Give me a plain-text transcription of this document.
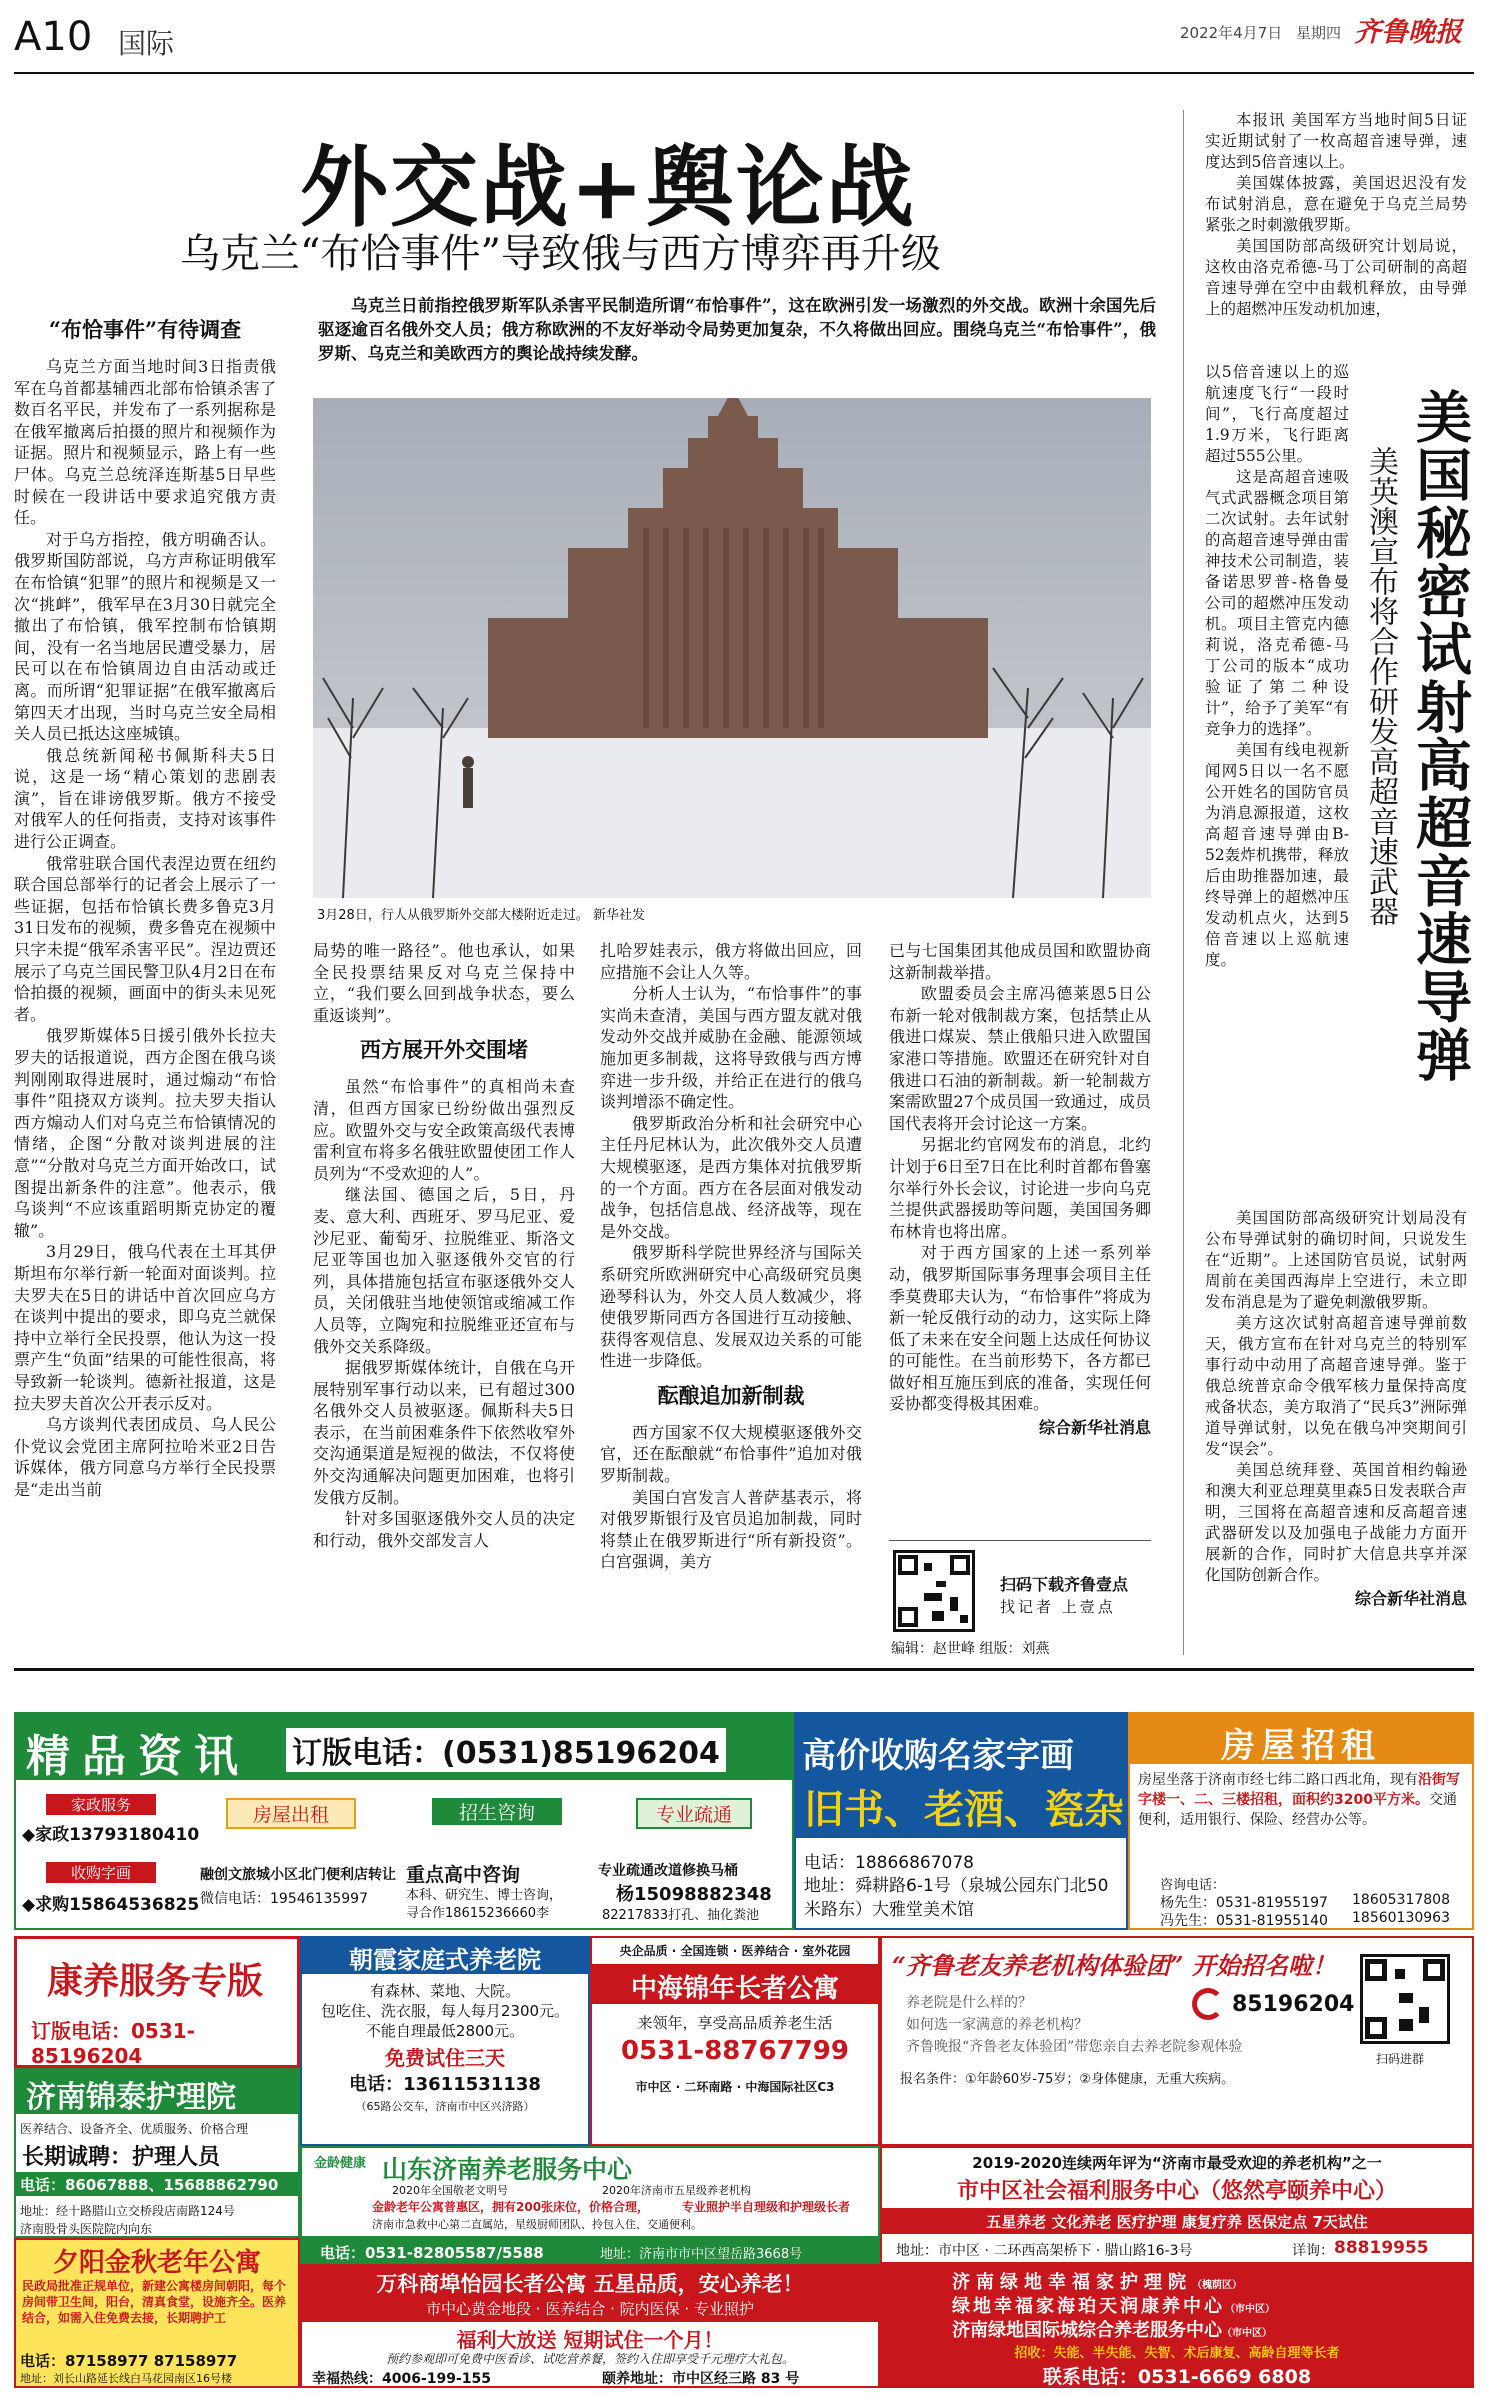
A10 国际	2022年4月7日 星期四 齐鲁晚报
外交战+舆论战
乌克兰“布恰事件”导致俄与西方博弈再升级
乌克兰日前指控俄罗斯军队杀害平民制造所谓“布恰事件”，这在欧洲引发一场激烈的外交战。欧洲十余国先后驱逐逾百名俄外交人员；俄方称欧洲的不友好举动令局势更加复杂，不久将做出回应。围绕乌克兰“布恰事件”，俄罗斯、乌克兰和美欧西方的舆论战持续发酵。
3月28日，行人从俄罗斯外交部大楼附近走过。 新华社发
“布恰事件”有待调查

乌克兰方面当地时间3日指责俄军在乌首都基辅西北部布恰镇杀害了数百名平民，并发布了一系列据称是在俄军撤离后拍摄的照片和视频作为证据。照片和视频显示，路上有一些尸体。乌克兰总统泽连斯基5日早些时候在一段讲话中要求追究俄方责任。

对于乌方指控，俄方明确否认。俄罗斯国防部说，乌方声称证明俄军在布恰镇“犯罪”的照片和视频是又一次“挑衅”，俄军早在3月30日就完全撤出了布恰镇，俄军控制布恰镇期间，没有一名当地居民遭受暴力，居民可以在布恰镇周边自由活动或迁离。而所谓“犯罪证据”在俄军撤离后第四天才出现，当时乌克兰安全局相关人员已抵达这座城镇。

俄总统新闻秘书佩斯科夫5日说，这是一场“精心策划的悲剧表演”，旨在诽谤俄罗斯。俄方不接受对俄军人的任何指责，支持对该事件进行公正调查。

俄常驻联合国代表涅边贾在纽约联合国总部举行的记者会上展示了一些证据，包括布恰镇长费多鲁克3月31日发布的视频，费多鲁克在视频中只字未提“俄军杀害平民”。涅边贾还展示了乌克兰国民警卫队4月2日在布恰拍摄的视频，画面中的街头未见死者。

俄罗斯媒体5日援引俄外长拉夫罗夫的话报道说，西方企图在俄乌谈判刚刚取得进展时，通过煽动“布恰事件”阻挠双方谈判。拉夫罗夫指认西方煽动人们对乌克兰布恰镇情况的情绪，企图“分散对谈判进展的注意”“分散对乌克兰方面开始改口，试图提出新条件的注意”。他表示，俄乌谈判“不应该重蹈明斯克协定的覆辙”。

3月29日，俄乌代表在土耳其伊斯坦布尔举行新一轮面对面谈判。拉夫罗夫在5日的讲话中首次回应乌方在谈判中提出的要求，即乌克兰就保持中立举行全民投票，他认为这一投票产生“负面”结果的可能性很高，将导致新一轮谈判。德新社报道，这是拉夫罗夫首次公开表示反对。

乌方谈判代表团成员、乌人民公仆党议会党团主席阿拉哈米亚2日告诉媒体，俄方同意乌方举行全民投票是“走出当前

局势的唯一路径”。他也承认，如果全民投票结果反对乌克兰保持中立，“我们要么回到战争状态，要么重返谈判”。

西方展开外交围堵

虽然“布恰事件”的真相尚未查清，但西方国家已纷纷做出强烈反应。欧盟外交与安全政策高级代表博雷利宣布将多名俄驻欧盟使团工作人员列为“不受欢迎的人”。

继法国、德国之后，5日，丹麦、意大利、西班牙、罗马尼亚、爱沙尼亚、葡萄牙、拉脱维亚、斯洛文尼亚等国也加入驱逐俄外交官的行列，具体措施包括宣布驱逐俄外交人员，关闭俄驻当地使领馆或缩减工作人员等，立陶宛和拉脱维亚还宣布与俄外交关系降级。

据俄罗斯媒体统计，自俄在乌开展特别军事行动以来，已有超过300名俄外交人员被驱逐。佩斯科夫5日表示，在当前困难条件下依然收窄外交沟通渠道是短视的做法，不仅将使外交沟通解决问题更加困难，也将引发俄方反制。

针对多国驱逐俄外交人员的决定和行动，俄外交部发言人

扎哈罗娃表示，俄方将做出回应，回应措施不会让人久等。

分析人士认为，“布恰事件”的事实尚未查清，美国与西方盟友就对俄发动外交战并威胁在金融、能源领域施加更多制裁，这将导致俄与西方博弈进一步升级，并给正在进行的俄乌谈判增添不确定性。

俄罗斯政治分析和社会研究中心主任丹尼林认为，此次俄外交人员遭大规模驱逐，是西方集体对抗俄罗斯的一个方面。西方在各层面对俄发动战争，包括信息战、经济战等，现在是外交战。

俄罗斯科学院世界经济与国际关系研究所欧洲研究中心高级研究员奥逊琴科认为，外交人员人数减少，将使俄罗斯同西方各国进行互动接触、获得客观信息、发展双边关系的可能性进一步降低。

酝酿追加新制裁

西方国家不仅大规模驱逐俄外交官，还在酝酿就“布恰事件”追加对俄罗斯制裁。

美国白宫发言人普萨基表示，将对俄罗斯银行及官员追加制裁，同时将禁止在俄罗斯进行“所有新投资”。白宫强调，美方

已与七国集团其他成员国和欧盟协商这新制裁举措。

欧盟委员会主席冯德莱恩5日公布新一轮对俄制裁方案，包括禁止从俄进口煤炭、禁止俄船只进入欧盟国家港口等措施。欧盟还在研究针对自俄进口石油的新制裁。新一轮制裁方案需欧盟27个成员国一致通过，成员国代表将开会讨论这一方案。

另据北约官网发布的消息，北约计划于6日至7日在比利时首都布鲁塞尔举行外长会议，讨论进一步向乌克兰提供武器援助等问题，美国国务卿布林肯也将出席。

对于西方国家的上述一系列举动，俄罗斯国际事务理事会项目主任季莫费耶夫认为，“布恰事件”将成为新一轮反俄行动的动力，这实际上降低了未来在安全问题上达成任何协议的可能性。在当前形势下，各方都已做好相互施压到底的准备，实现任何妥协都变得极其困难。

综合新华社消息
扫码下载齐鲁壹点
找记者 上壹点
编辑：赵世峰 组版：刘燕

本报讯 美国军方当地时间5日证实近期试射了一枚高超音速导弹，速度达到5倍音速以上。

美国媒体披露，美国迟迟没有发布试射消息，意在避免于乌克兰局势紧张之时刺激俄罗斯。

美国国防部高级研究计划局说，这枚由洛克希德-马丁公司研制的高超音速导弹在空中由载机释放，由导弹上的超燃冲压发动机加速，

以5倍音速以上的巡航速度飞行“一段时间”，飞行高度超过1.9万米，飞行距离超过555公里。

这是高超音速吸气式武器概念项目第二次试射。去年试射的高超音速导弹由雷神技术公司制造，装备诺思罗普-格鲁曼公司的超燃冲压发动机。项目主管克内德莉说，洛克希德-马丁公司的版本“成功验证了第二种设计”，给予了美军“有竞争力的选择”。

美国有线电视新闻网5日以一名不愿公开姓名的国防官员为消息源报道，这枚高超音速导弹由B-52轰炸机携带，释放后由助推器加速，最终导弹上的超燃冲压发动机点火，达到5倍音速以上巡航速度。	美国秘密试射高超音速导弹
美英澳宣布将合作研发高超音速武器

美国国防部高级研究计划局没有公布导弹试射的确切时间，只说发生在“近期”。上述国防官员说，试射两周前在美国西海岸上空进行，未立即发布消息是为了避免刺激俄罗斯。

美方这次试射高超音速导弹前数天，俄方宣布在针对乌克兰的特别军事行动中动用了高超音速导弹。鉴于俄总统普京命令俄军核力量保持高度戒备状态，美方取消了“民兵3”洲际弹道导弹试射，以免在俄乌冲突期间引发“误会”。

美国总统拜登、英国首相约翰逊和澳大利亚总理莫里森5日发表联合声明，三国将在高超音速和反高超音速武器研发以及加强电子战能力方面开展新的合作，同时扩大信息共享并深化国防创新合作。

综合新华社消息
精品资讯 订版电话：(0531)85196204
家政服务
◆家政13793180410
收购字画
◆求购15864536825
房屋出租
融创文旅城小区北门便利店转让
微信电话：19546135997
招生咨询
重点高中咨询
本科、研究生、博士咨询，
寻合作18615236660李
专业疏通
专业疏通改道修换马桶
杨15098882348
82217833打孔、抽化粪池
高价收购名家字画
旧书、老酒、瓷杂
电话：18866867078
地址：舜耕路6-1号（泉城公园东门北50米路东）大雅堂美术馆
房屋招租
房屋坐落于济南市经七纬二路口西北角，现有沿街写字楼一、二、三楼招租，面积约3200平方米。交通便利，适用银行、保险、经营办公等。
咨询电话：
杨先生：0531-81955197 18605317808
冯先生：0531-81955140 18560130963
康养服务专版
订版电话：0531-85196204
朝霞家庭式养老院
有森林、菜地、大院。
包吃住、洗衣服，每人每月2300元。
不能自理最低2800元。
免费试住三天
电话：13611531138
（65路公交车，济南市中区兴济路）
央企品质 · 全国连锁 · 医养结合 · 室外花园
中海锦年长者公寓
来领年，享受高品质养老生活
0531-88767799
市中区 · 二环南路 · 中海国际社区C3
“齐鲁老友养老机构体验团” 开始招名啦！
养老院是什么样的？
如何选一家满意的养老机构？
齐鲁晚报“齐鲁老友体验团”带您亲自去养老院参观体验
85196204
扫码进群
报名条件：①年龄60岁-75岁；②身体健康，无重大疾病。
济南锦泰护理院
医养结合、设备齐全、优质服务、价格合理
长期诚聘：护理人员
电话：86067888、15688862790
地址：经十路腊山立交桥段店南路124号
济南股骨头医院院内向东
金龄健康 山东济南养老服务中心
2020年全国敬老文明号	2020年济南市五星级养老机构
金龄老年公寓普惠区，拥有200张床位，价格合理，	专业照护半自理级和护理级长者
济南市急救中心第二直属站，星级厨师团队、拎包入住、交通便利。
电话：0531-82805587/5588	地址：济南市市中区望岳路3668号
2019-2020连续两年评为“济南市最受欢迎的养老机构”之一
市中区社会福利服务中心（悠然亭颐养中心）
五星养老 文化养老 医疗护理 康复疗养 医保定点 7天试住
地址：市中区 · 二环西高架桥下 · 腊山路16-3号	详询： 88819955
夕阳金秋老年公寓
民政局批准正规单位，新建公寓楼房间朝阳，每个房间带卫生间，阳台，清真食堂，设施齐全。医养结合，如需入住免费去接，长期聘护工
电话：87158977 87158977
地址：刘长山路延长线白马花园南区16号楼
万科商埠怡园长者公寓 五星品质，安心养老！
市中心黄金地段 · 医养结合 · 院内医保 · 专业照护
福利大放送 短期试住一个月！
预约参观即可免费中医看诊、试吃营养餐，签约入住即享受千元理疗大礼包。
幸福热线：4006-199-155	颐养地址：市中区经三路 83 号
济南绿地幸福家护理院（槐荫区）
绿地幸福家海珀天润康养中心（市中区）
济南绿地国际城综合养老服务中心（市中区）
招收：失能、半失能、失智、术后康复、高龄自理等长者
联系电话：0531-6669 6808
